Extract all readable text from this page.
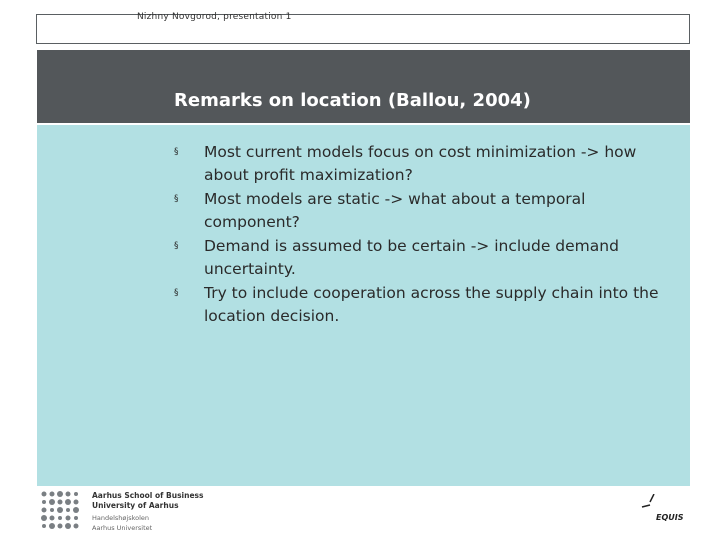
Nizhny Novgorod, presentation 1
Remarks on location (Ballou, 2004)
§ Most current models focus on cost minimization -> how about profit maximization?
§ Most models are static -> what about a temporal component?
§ Demand is assumed to be certain -> include demand uncertainty.
§ Try to include cooperation across the supply chain into the location decision.
Aarhus School of Business
University of Aarhus
Handelshøjskolen
Aarhus Universitet
EQUIS
